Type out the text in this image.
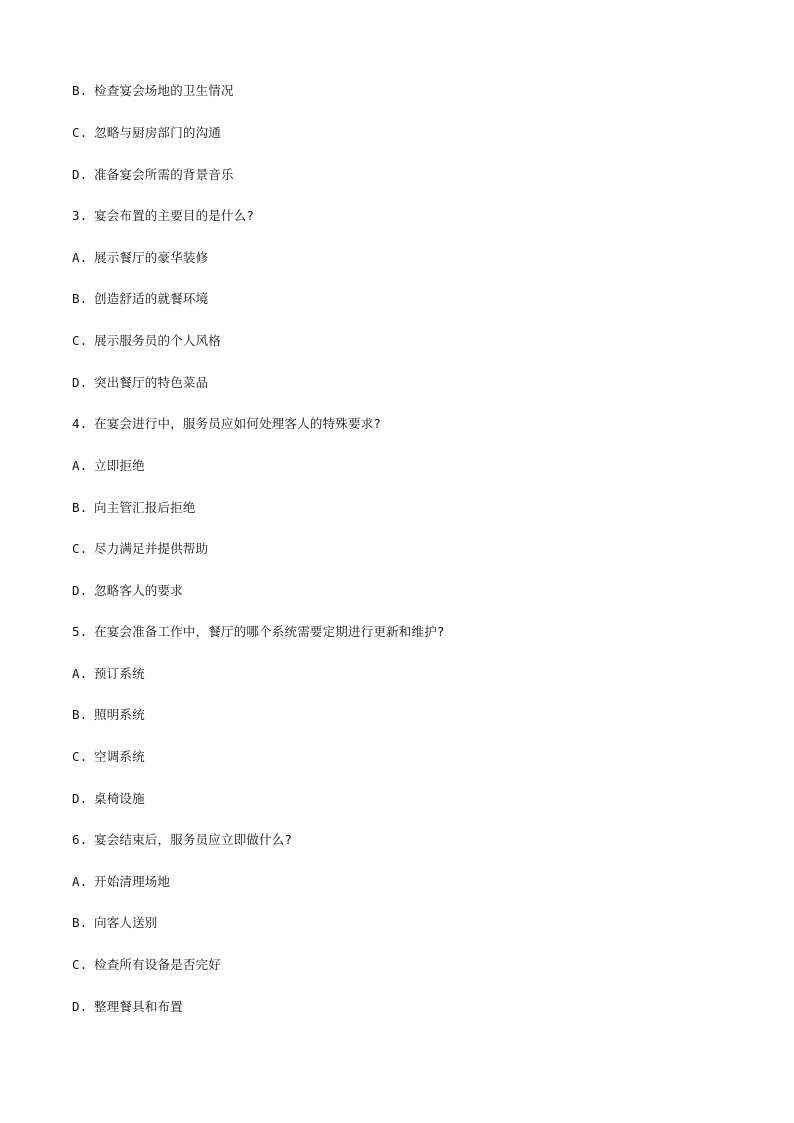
B. 检查宴会场地的卫生情况
C. 忽略与厨房部门的沟通
D. 准备宴会所需的背景音乐
3. 宴会布置的主要目的是什么?
A. 展示餐厅的豪华装修
B. 创造舒适的就餐环境
C. 展示服务员的个人风格
D. 突出餐厅的特色菜品
4. 在宴会进行中，服务员应如何处理客人的特殊要求?
A. 立即拒绝
B. 向主管汇报后拒绝
C. 尽力满足并提供帮助
D. 忽略客人的要求
5. 在宴会准备工作中，餐厅的哪个系统需要定期进行更新和维护?
A. 预订系统
B. 照明系统
C. 空调系统
D. 桌椅设施
6. 宴会结束后，服务员应立即做什么?
A. 开始清理场地
B. 向客人送别
C. 检查所有设备是否完好
D. 整理餐具和布置
